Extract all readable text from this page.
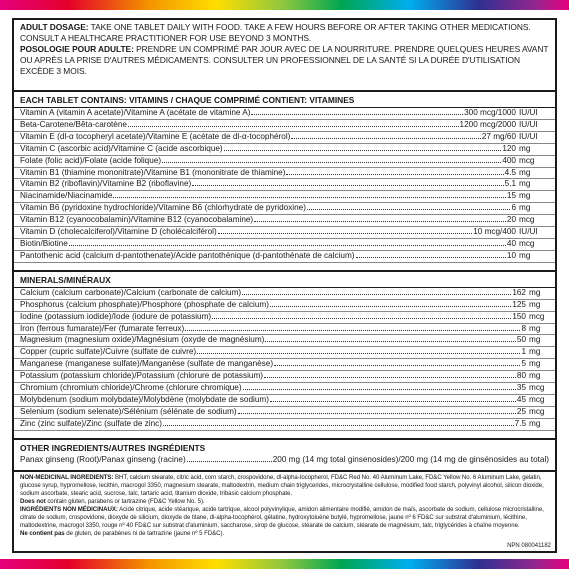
ADULT DOSAGE: TAKE ONE TABLET DAILY WITH FOOD. TAKE A FEW HOURS BEFORE OR AFTER TAKING OTHER MEDICATIONS. CONSULT A HEALTHCARE PRACTITIONER FOR USE BEYOND 3 MONTHS.

POSOLOGIE POUR ADULTE: PRENDRE UN COMPRIMÉ PAR JOUR AVEC DE LA NOURRITURE. PRENDRE QUELQUES HEURES AVANT OU APRÈS LA PRISE D'AUTRES MÉDICAMENTS. CONSULTER UN PROFESSIONNEL DE LA SANTÉ SI LA DURÉE D'UTILISATION EXCÈDE 3 MOIS.

EACH TABLET CONTAINS: VITAMINS / CHAQUE COMPRIMÉ CONTIENT: VITAMINES
Vitamin A (vitamin A acetate)/Vitamine A (acétate de vitamine A)	300 mcg/1000 IU/UI
Beta-Carotene/Bêta-carotène	1200 mcg/2000 IU/UI
Vitamin E (dl-α tocopheryl acetate)/Vitamine E (acétate de dl-α-tocophérol)	27 mg/60 IU/UI
Vitamin C (ascorbic acid)/Vitamine C (acide ascorbique)	120 mg
Folate (folic acid)/Folate (acide folique)	400 mcg
Vitamin B1 (thiamine mononitrate)/Vitamine B1 (mononitrate de thiamine)	4.5 mg
Vitamin B2 (riboflavin)/Vitamine B2 (riboflavine)	5.1 mg
Niacinamide/Niacinamide	15 mg
Vitamin B6 (pyridoxine hydrochloride)/Vitamine B6 (chlorhydrate de pyridoxine)	6 mg
Vitamin B12 (cyanocobalamin)/Vitamine B12 (cyanocobalamine)	20 mcg
Vitamin D (cholecalciferol)/Vitamine D (cholécalciférol)	10 mcg/400 IU/UI
Biotin/Biotine	40 mcg
Pantothenic acid (calcium d-pantothenate)/Acide pantothénique (d-pantothénate de calcium)	10 mg
MINERALS/MINÉRAUX
Calcium (calcium carbonate)/Calcium (carbonate de calcium)	162 mg
Phosphorus (calcium phosphate)/Phosphore (phosphate de calcium)	125 mg
Iodine (potassium iodide)/Iode (iodure de potassium)	150 mcg
Iron (ferrous fumarate)/Fer (fumarate ferreux)	8 mg
Magnesium (magnesium oxide)/Magnésium (oxyde de magnésium)	50 mg
Copper (cupric sulfate)/Cuivre (sulfate de cuivre)	1 mg
Manganese (manganese sulfate)/Manganèse (sulfate de manganèse)	5 mg
Potassium (potassium chloride)/Potassium (chlorure de potassium)	80 mg
Chromium (chromium chloride)/Chrome (chlorure chromique)	35 mcg
Molybdenum (sodium molybdate)/Molybdène (molybdate de sodium)	45 mcg
Selenium (sodium selenate)/Sélénium (sélénate de sodium)	25 mcg
Zinc (zinc sulfate)/Zinc (sulfate de zinc)	7.5 mg
OTHER INGREDIENTS/AUTRES INGRÉDIENTS
Panax ginseng (Root)/Panax ginseng (racine)	200 mg (14 mg total ginsenosides)/200 mg (14 mg de ginsénosides au total)

NON-MEDICINAL INGREDIENTS: BHT, calcium stearate, citric acid, corn starch, crospovidone, dl-alpha-tocopherol, FD&C Red No. 40 Aluminum Lake, FD&C Yellow No. 6 Aluminum Lake, gelatin, glucose syrup, hypromellose, lecithin, macrogol 3350, magnesium stearate, maltodextrin, medium chain triglycerides, microcrystalline cellulose, modified food starch, polyvinyl alcohol, silicon dioxide, sodium ascorbate, stearic acid, sucrose, talc, tartaric acid, titanium dioxide, tribasic calcium phosphate.

Does not contain gluten, parabens or tartrazine (FD&C Yellow No. 5).

INGRÉDIENTS NON MÉDICINAUX: Acide citrique, acide stéarique, acide tartrique, alcool polyvinylique, amidon alimentaire modifié, amidon de maïs, ascorbate de sodium, cellulose microcristalline, citrate de sodium, crospovidone, dioxyde de silicium, dioxyde de titane, dl-alpha-tocophérol, gélatine, hydroxytoluène butylé, hypromellose, jaune nº 6 FD&C sur substrat d'aluminium, lécithine, maltodextrine, macrogol 3350, rouge nº 40 FD&C sur substrat d'aluminium, saccharose, sirop de glucose, stéarate de calcium, stéarate de magnésium, talc, triglycérides à chaîne moyenne.

Ne contient pas de gluten, de parabènes ni de tartrazine (jaune nº 5 FD&C).

NPN 080041182
